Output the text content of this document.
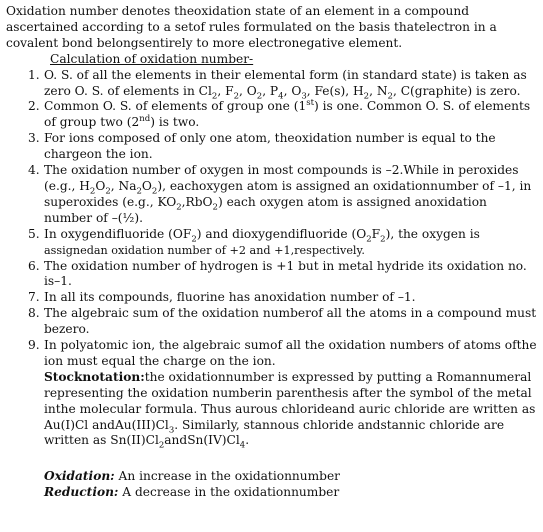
Oxidation number denotes theoxidation state of an element in a compound ascertained according to a setof rules formulated on the basis thatelectron in a covalent bond belongsentirely to more electronegative element.

Calculation of oxidation number-

1. O. S. of all the elements in their elemental form (in standard state) is taken as zero O. S. of elements in $Cl_2$, $F_2$, $O_2$, $P_4$, $O_3$, Fe(s), $H_2$, $N_2$, C(graphite) is zero.
2. Common O. S. of elements of group one (1st) is one. Common O. S. of elements of group two (2nd) is two.
3. For ions composed of only one atom, theoxidation number is equal to the chargeon the ion.
4. The oxidation number of oxygen in most compounds is –2.While in peroxides (e.g., $H_2O_2$, $Na_2O_2$), eachoxygen atom is assigned an oxidationnumber of –1, in superoxides (e.g., $KO_2,RbO_2$) each oxygen atom is assigned anoxidation number of –(½).
5. In oxygendifluoride $(OF_2)$ and dioxygendifluoride $(O_2F_2)$, the oxygen is assignedan oxidation number of +2 and +1,respectively.
6. The oxidation number of hydrogen is +1 but in metal hydride its oxidation no. is–1.
7. In all its compounds, fluorine has anoxidation number of –1.
8. The algebraic sum of the oxidation numberof all the atoms in a compound must bezero.
9. In polyatomic ion, the algebraic sumof all the oxidation numbers of atoms ofthe ion must equal the charge on the ion.

Stocknotation:the oxidationnumber is expressed by putting a Romannumeral representing the oxidation numberin parenthesis after the symbol of the metal inthe molecular formula. Thus aurous chlorideand auric chloride are written as Au(I)Cl $andAu(III)Cl_3$. Similarly, stannous chloride andstannic chloride are written as $Sn(II)Cl_2andSn(IV)Cl_4$.

Oxidation: An increase in the oxidationnumber

Reduction: A decrease in the oxidationnumber
